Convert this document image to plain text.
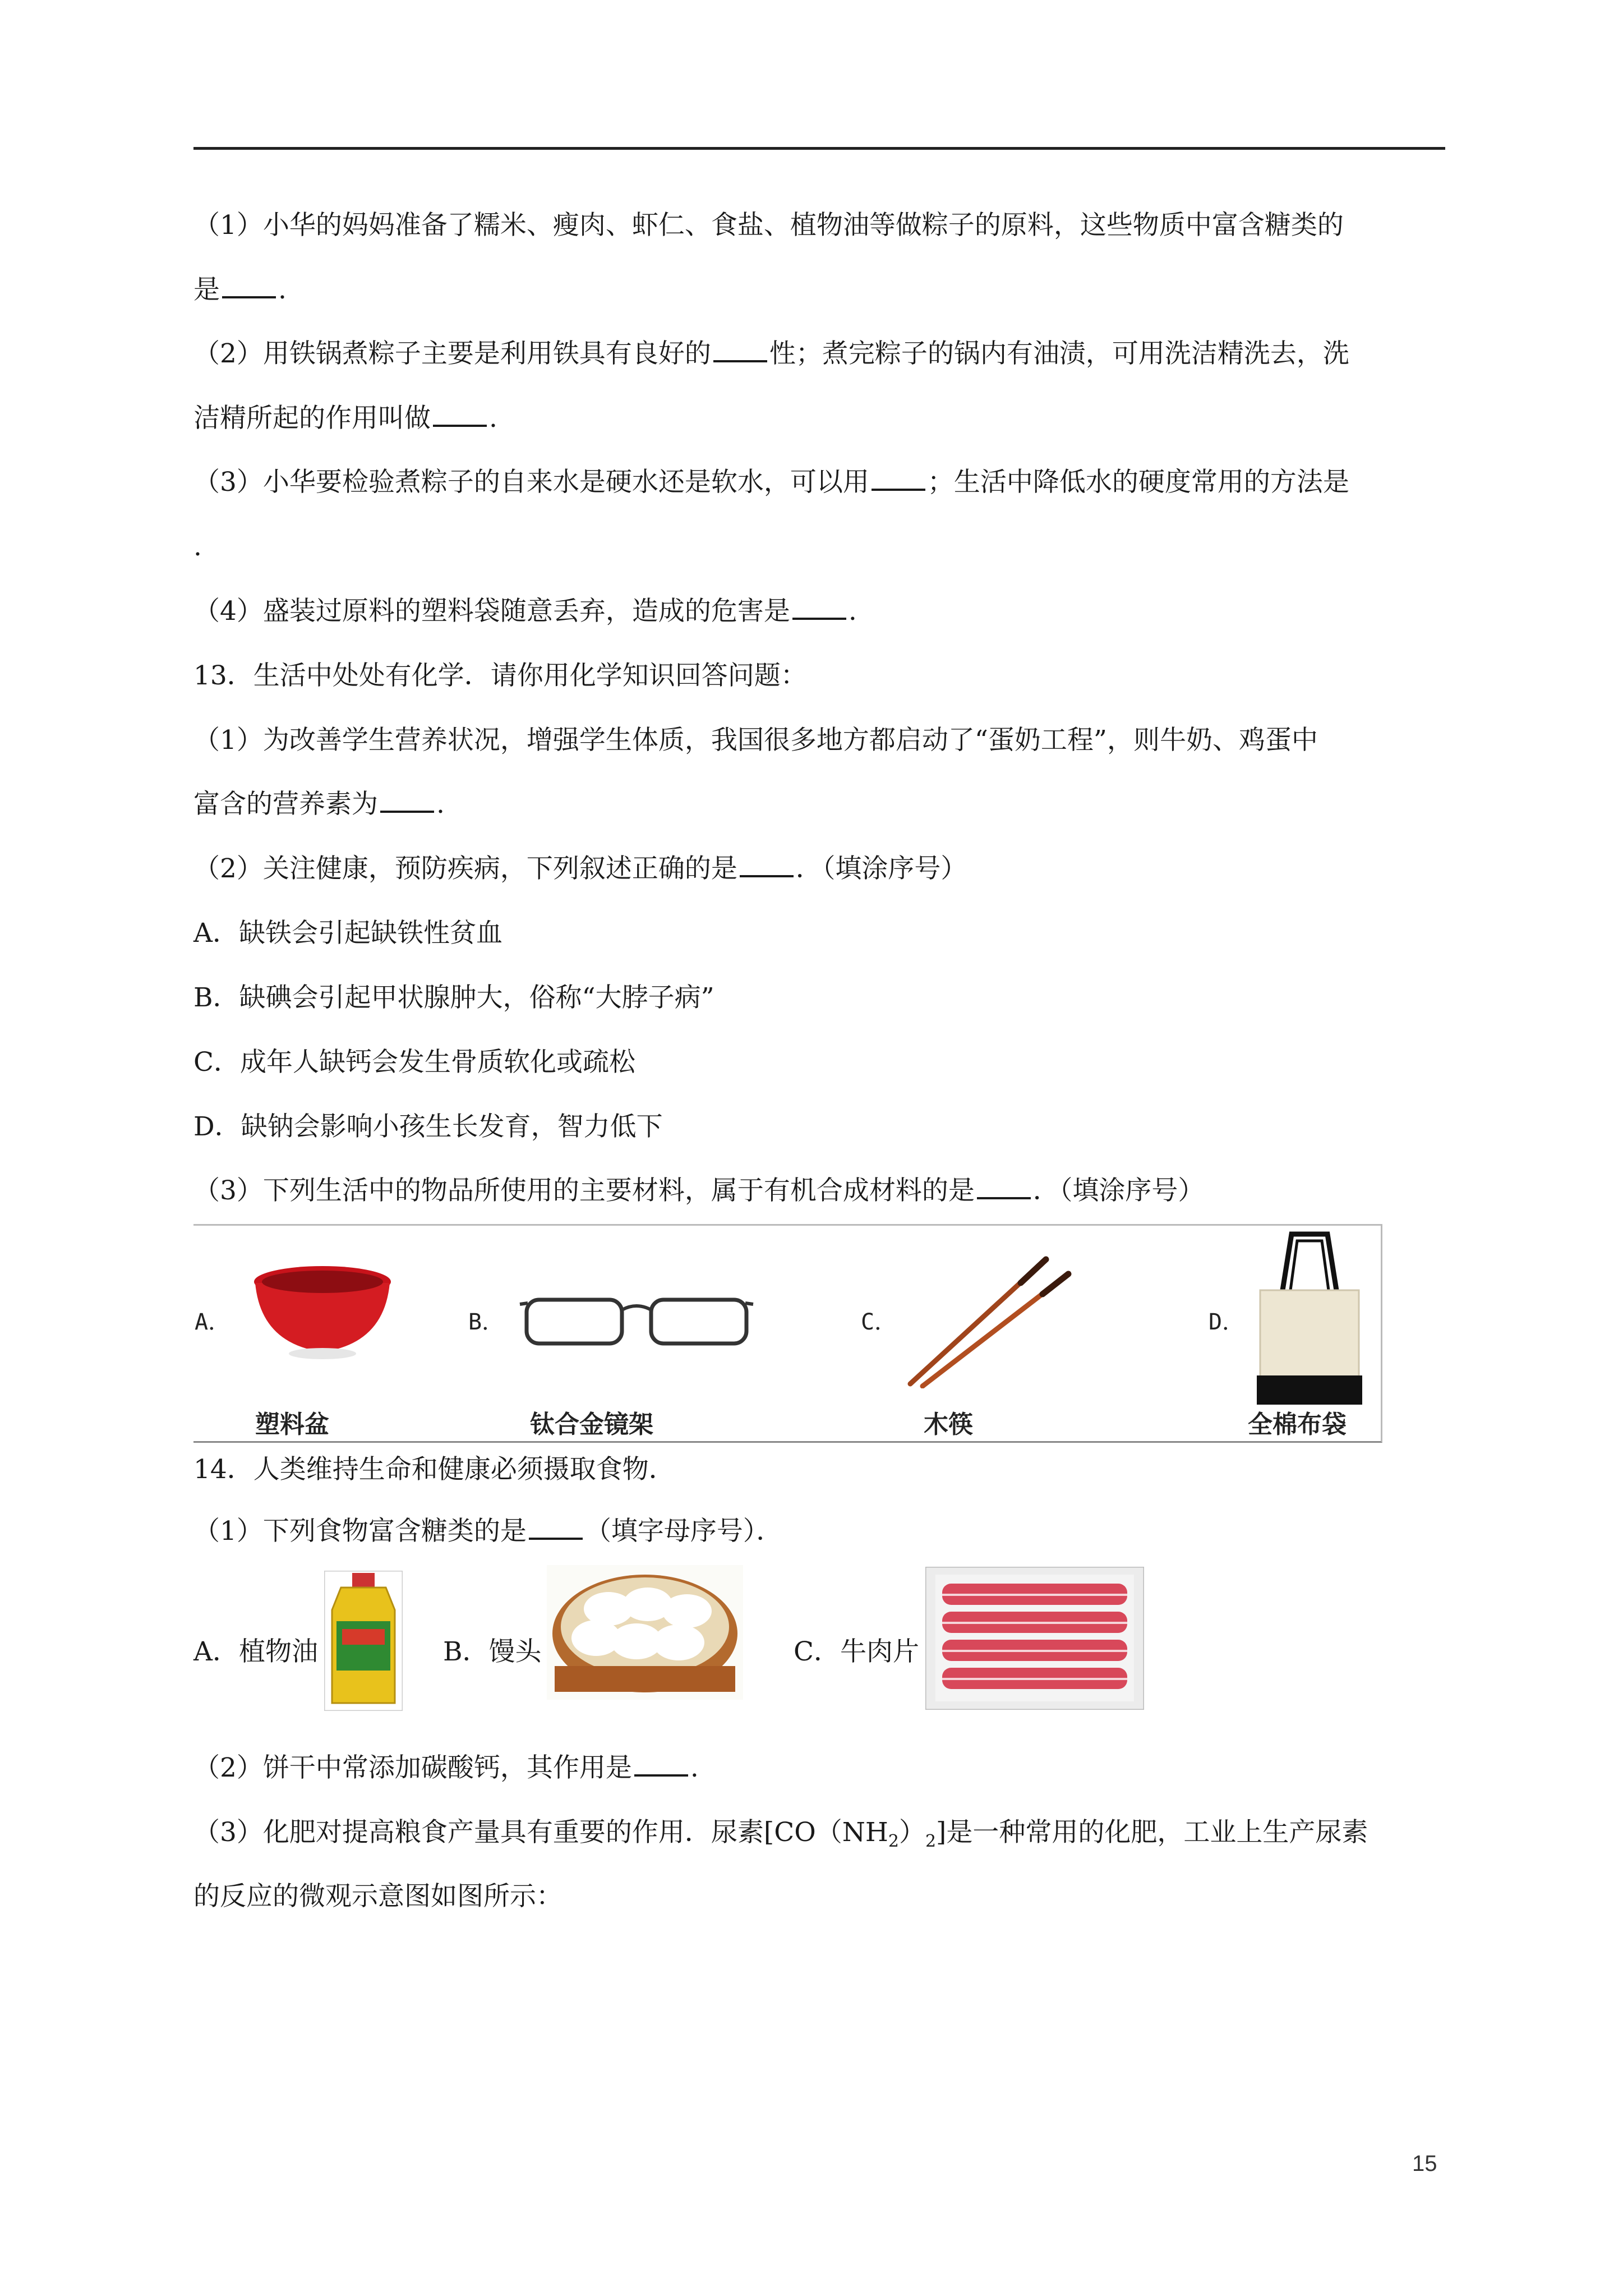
（1）小华的妈妈准备了糯米、瘦肉、虾仁、食盐、植物油等做粽子的原料，这些物质中富含糖类的
是 .
（2）用铁锅煮粽子主要是利用铁具有良好的 性；煮完粽子的锅内有油渍，可用洗洁精洗去，洗
洁精所起的作用叫做 .
（3）小华要检验煮粽子的自来水是硬水还是软水，可以用 ；生活中降低水的硬度常用的方法是
.
（4）盛装过原料的塑料袋随意丢弃，造成的危害是 .
13．生活中处处有化学．请你用化学知识回答问题：
（1）为改善学生营养状况，增强学生体质，我国很多地方都启动了“蛋奶工程”，则牛奶、鸡蛋中
富含的营养素为 .
（2）关注健康，预防疾病，下列叙述正确的是 ．（填涂序号）
A．缺铁会引起缺铁性贫血
B．缺碘会引起甲状腺肿大，俗称“大脖子病”
C．成年人缺钙会发生骨质软化或疏松
D．缺钠会影响小孩生长发育，智力低下
（3）下列生活中的物品所使用的主要材料，属于有机合成材料的是 ．（填涂序号）
A．
塑料盆
B．
钛合金镜架
C．
木筷
D．
全棉布袋
14．人类维持生命和健康必须摄取食物．
（1）下列食物富含糖类的是 （填字母序号）．
A．植物油	B．馒头	C．牛肉片
（2）饼干中常添加碳酸钙，其作用是 .
（3）化肥对提高粮食产量具有重要的作用．尿素$[CO(NH_2)_2]$是一种常用的化肥，工业上生产尿素
的反应的微观示意图如图所示：
15
